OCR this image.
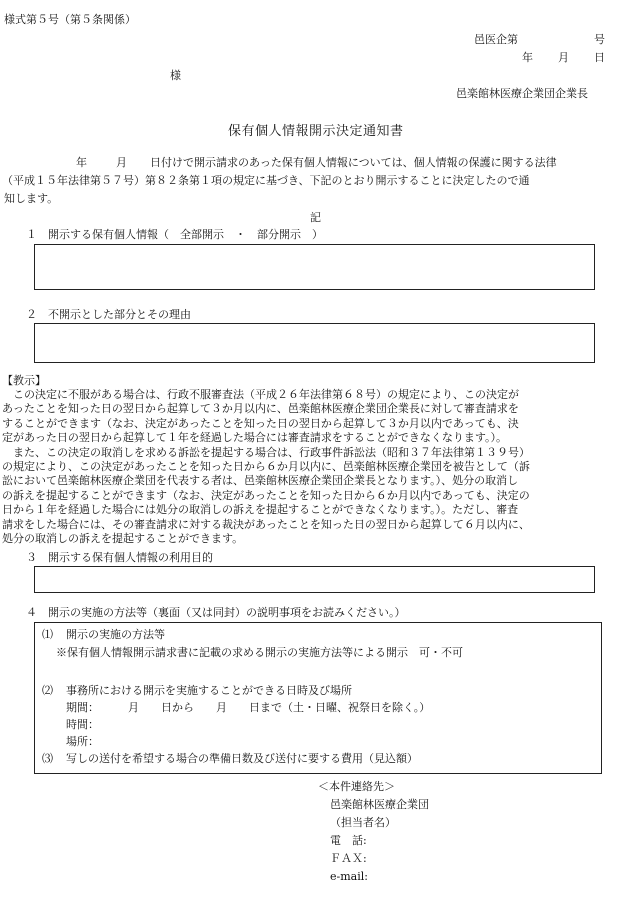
様式第５号（第５条関係）
邑医企第	号
年 月 日
様
邑楽館林医療企業団企業長
保有個人情報開示決定通知書
年	月 日付けで開示請求のあった保有個人情報については、個人情報の保護に関する法律
（平成１５年法律第５７号）第８２条第１項の規定に基づき、下記のとおり開示することに決定したので通
知します。
記
１　開示する保有個人情報（　全部開示　・　部分開示　）
２　不開示とした部分とその理由
【教示】
　この決定に不服がある場合は、行政不服審査法（平成２６年法律第６８号）の規定により、この決定が
あったことを知った日の翌日から起算して３か月以内に、邑楽館林医療企業団企業長に対して審査請求を
することができます（なお、決定があったことを知った日の翌日から起算して３か月以内であっても、決
定があった日の翌日から起算して１年を経過した場合には審査請求をすることができなくなります。）。
　また、この決定の取消しを求める訴訟を提起する場合は、行政事件訴訟法（昭和３７年法律第１３９号）
の規定により、この決定があったことを知った日から６か月以内に、邑楽館林医療企業団を被告として（訴
訟において邑楽館林医療企業団を代表する者は、邑楽館林医療企業団企業長となります。）、処分の取消し
の訴えを提起することができます（なお、決定があったことを知った日から６か月以内であっても、決定の
日から１年を経過した場合には処分の取消しの訴えを提起することができなくなります。）。ただし、審査
請求をした場合には、その審査請求に対する裁決があったことを知った日の翌日から起算して６月以内に、
処分の取消しの訴えを提起することができます。
３　開示する保有個人情報の利用目的
４　開示の実施の方法等（裏面（又は同封）の説明事項をお読みください。）
⑴ 開示の実施の方法等
※保有個人情報開示請求書に記載の求める開示の実施方法等による開示　可・不可
⑵ 事務所における開示を実施することができる日時及び場所
期間：	月　　日から　　月　　日まで（土・日曜、祝祭日を除く。）
時間：
場所：
⑶ 写しの送付を希望する場合の準備日数及び送付に要する費用（見込額）
＜本件連絡先＞
邑楽館林医療企業団
（担当者名）
電　話:
ＦＡＸ:
e-mail:
